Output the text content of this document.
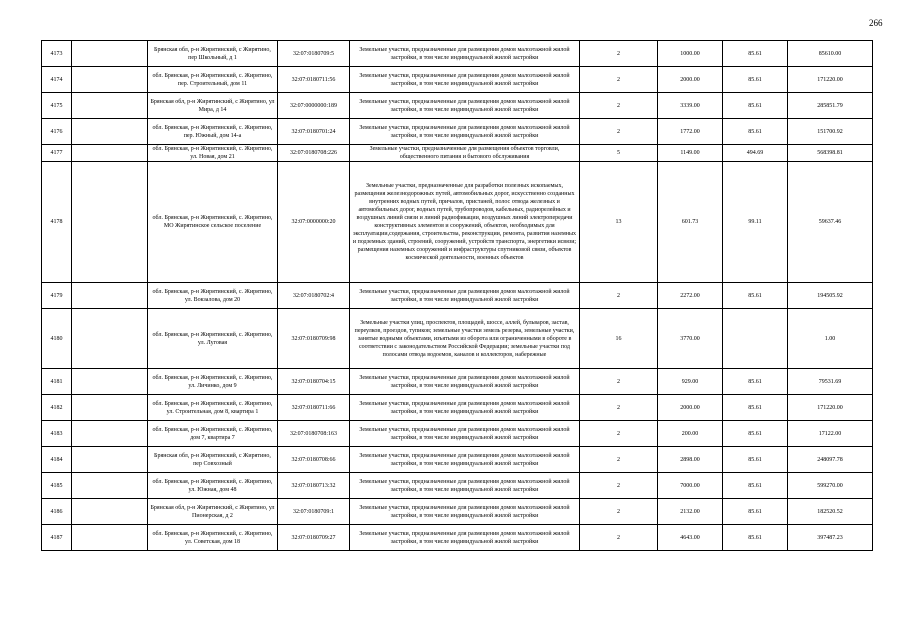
266
4173		Брянская обл, р-н Жирятинский, с Жирятино, пер Школьный, д 1	32:07:0180709:5	Земельные участки, предназначенные для размещения домов малоэтажной жилой застройки, в том числе индивидуальной жилой застройки	2	1000.00	85.61	85610.00
4174		обл. Брянская, р-н Жирятинский, с. Жирятино, пер. Строительный, дом 11	32:07:0180711:56	Земельные участки, предназначенные для размещения домов малоэтажной жилой застройки, в том числе индивидуальной жилой застройки	2	2000.00	85.61	171220.00
4175		Брянская обл, р-н Жирятинский, с Жирятино, ул Мира, д 14	32:07:0000000:189	Земельные участки, предназначенные для размещения домов малоэтажной жилой застройки, в том числе индивидуальной жилой застройки	2	3339.00	85.61	285851.79
4176		обл. Брянская, р-н Жирятинский, с. Жирятино, пер. Южный, дом 14-а	32:07:0180701:24	Земельные участки, предназначенные для размещения домов малоэтажной жилой застройки, в том числе индивидуальной жилой застройки	2	1772.00	85.61	151700.92
4177		обл. Брянская, р-н Жирятинский, с. Жирятино, ул. Новая, дом 21	32:07:0180708:226	Земельные участки, предназначенные для размещения объектов торговли, общественного питания и бытового обслуживания	5	1149.00	494.69	568398.81
4178		обл. Брянская, р-н Жирятинский, с. Жирятино, МО Жирятинское сельское поселение	32:07:0000000:20	Земельные участки, предназначенные для разработки полезных ископаемых, размещения железнодорожных путей, автомобильных дорог, искусственно созданных внутренних водных путей, причалов, пристаней, полос отвода железных и автомобильных дорог, водных путей, трубопроводов, кабельных, радиорелейных и воздушных линий связи и линий радиофикации, воздушных линий электропередачи конструктивных элементов и сооружений, объектов, необходимых для эксплуатации,содержания, строительства, реконструкции, ремонта, развития наземных и подземных зданий, строений, сооружений, устройств транспорта, энергетики исвязи; размещения наземных сооружений и инфраструктуры спутниковой связи, объектов космической деятельности, военных объектов	13	601.73	99.11	59637.46
4179		обл. Брянская, р-н Жирятинский, с. Жирятино, ул. Вокзалова, дом 20	32:07:0180702:4	Земельные участки, предназначенные для размещения домов малоэтажной жилой застройки, в том числе индивидуальной жилой застройки	2	2272.00	85.61	194505.92
4180		обл. Брянская, р-н Жирятинский, с. Жирятино, ул. Луговая	32:07:0180709:98	Земельные участки улиц, проспектов, площадей, шоссе, аллей, бульваров, застав, переулков, проездов, тупиков; земельные участки земель резерва, земельные участки, занятые водными объектами, изъятыми из оборота или ограниченными в обороте в соответствии с законодательством Российской Федерации; земельные участки под полосами отвода водоемов, каналов и коллекторов, набережные	16	3770.00		1.00
4181		обл. Брянская, р-н Жирятинский, с. Жирятино, ул. Личинко, дом 9	32:07:0180704:15	Земельные участки, предназначенные для размещения домов малоэтажной жилой застройки, в том числе индивидуальной жилой застройки	2	929.00	85.61	79531.69
4182		обл. Брянская, р-н Жирятинский, с. Жирятино, ул. Строительная, дом 8, квартира 1	32:07:0180711:66	Земельные участки, предназначенные для размещения домов малоэтажной жилой застройки, в том числе индивидуальной жилой застройки	2	2000.00	85.61	171220.00
4183		обл. Брянская, р-н Жирятинский, с. Жирятино, дом 7, квартира 7	32:07:0180708:163	Земельные участки, предназначенные для размещения домов малоэтажной жилой застройки, в том числе индивидуальной жилой застройки	2	200.00	85.61	17122.00
4184		Брянская обл, р-н Жирятинский, с Жирятино, пер Совхозный	32:07:0180708:66	Земельные участки, предназначенные для размещения домов малоэтажной жилой застройки, в том числе индивидуальной жилой застройки	2	2898.00	85.61	248097.78
4185		обл. Брянская, р-н Жирятинский, с. Жирятино, ул. Южная, дом 48	32:07:0180713:32	Земельные участки, предназначенные для размещения домов малоэтажной жилой застройки, в том числе индивидуальной жилой застройки	2	7000.00	85.61	599270.00
4186		Брянская обл, р-н Жирятинский, с Жирятино, ул Пионерская, д 2	32:07:0180709:1	Земельные участки, предназначенные для размещения домов малоэтажной жилой застройки, в том числе индивидуальной жилой застройки	2	2132.00	85.61	182520.52
4187		обл. Брянская, р-н Жирятинский, с. Жирятино, ул. Советская, дом 18	32:07:0180709:27	Земельные участки, предназначенные для размещения домов малоэтажной жилой застройки, в том числе индивидуальной жилой застройки	2	4643.00	85.61	397487.23
